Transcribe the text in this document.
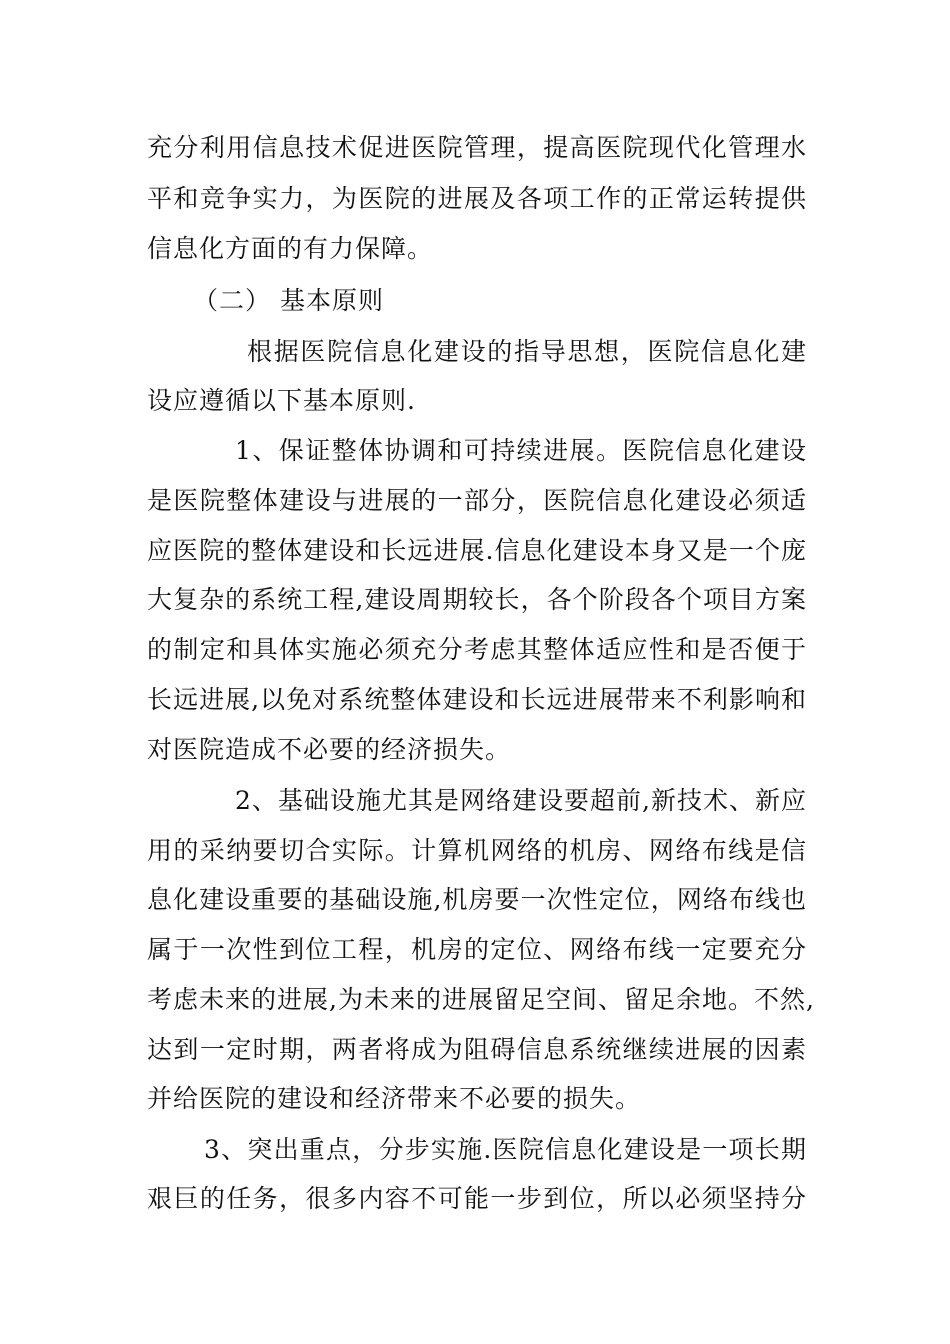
充分利用信息技术促进医院管理，提高医院现代化管理水
平和竞争实力，为医院的进展及各项工作的正常运转提供
信息化方面的有力保障。
（二） 基本原则
根据医院信息化建设的指导思想，医院信息化建
设应遵循以下基本原则.
1、保证整体协调和可持续进展。医院信息化建设
是医院整体建设与进展的一部分，医院信息化建设必须适
应医院的整体建设和长远进展.信息化建设本身又是一个庞
大复杂的系统工程,建设周期较长，各个阶段各个项目方案
的制定和具体实施必须充分考虑其整体适应性和是否便于
长远进展,以免对系统整体建设和长远进展带来不利影响和
对医院造成不必要的经济损失。
2、基础设施尤其是网络建设要超前,新技术、新应
用的采纳要切合实际。计算机网络的机房、网络布线是信
息化建设重要的基础设施,机房要一次性定位，网络布线也
属于一次性到位工程，机房的定位、网络布线一定要充分
考虑未来的进展,为未来的进展留足空间、留足余地。不然,
达到一定时期，两者将成为阻碍信息系统继续进展的因素
并给医院的建设和经济带来不必要的损失。
3、突出重点，分步实施.医院信息化建设是一项长期
艰巨的任务，很多内容不可能一步到位，所以必须坚持分
